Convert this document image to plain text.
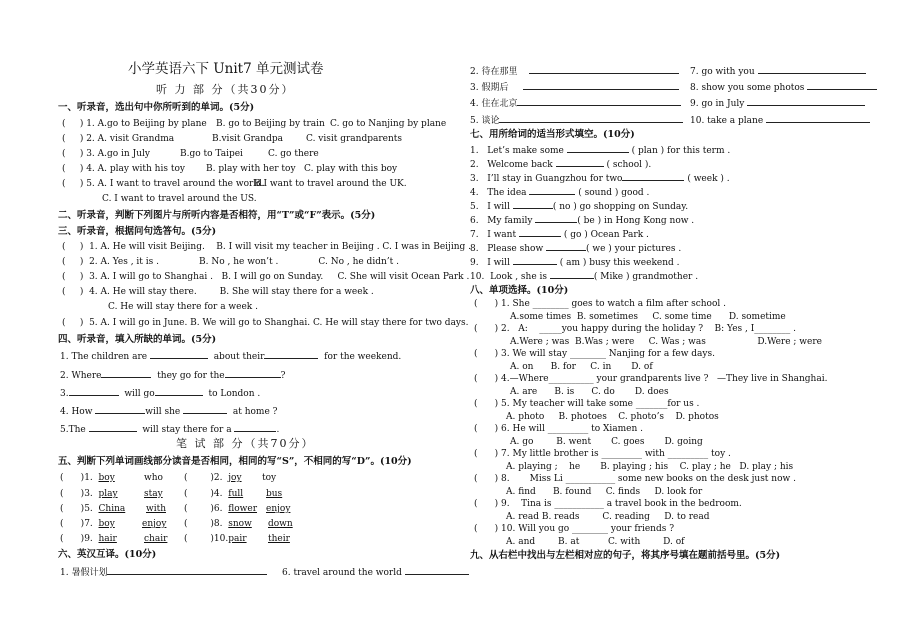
小学英语六下 Unit7 单元测试卷
听 力 部 分（共30分）
一、听录音，选出句中你所听到的单词。(5分)
(     ) 1. A.go to Beijing by plane B. go to Beijing by train C. go to Nanjing by plane
(     ) 2. A. visit Grandma	B.visit Grandpa	C. visit grandparents
(     ) 3. A.go in July	B.go to Taipei	C. go there
(     ) 4. A. play with his toy B. play with her toy C. play with this boy
(     ) 5. A. I want to travel around the world.
B.I want to travel around the UK.
C. I want to travel around the US.
二、听录音，判断下列图片与所听内容是否相符，用“T”或“F”表示。(5分)
三、听录音，根据问句选答句。(5分)
(     )  1. A. He will visit Beijing.    B. I will visit my teacher in Beijing . C. I was in Beijing .
(     )  2. A. Yes , it is .              B. No , he won’t .              C. No , he didn’t .
(     )  3. A. I will go to Shanghai .   B. I will go on Sunday.     C. She will visit Ocean Park .
(     )  4. A. He will stay there.        B. She will stay there for a week .
C. He will stay there for a week .
(     )  5. A. I will go in June. B. We will go to Shanghai. C. He will stay there for two days.
四、听录音，填入所缺的单词。(5分)
1. The children are	about their	for the weekend.
2. Where	they go for the	?
3.	will go	to London .
4. How	will she	at home ?
5.The	will stay there for a	.
笔 试 部 分（共70分）
五、判断下列单词画线部分读音是否相同，相同的写“S”，不相同的写“D”。(10分)
(      )1. boy	who (        )2. joy toy
(      )3. play	stay (        )4. full	bus
(      )5. China with (        )6. flower enjoy
(      )7. boy	enjoy (        )8. snow down
(      )9. hair	chair (        )10.pair their
六、英汉互译。(10分)
1. 暑假计划	6. travel around the world
2. 待在那里	7. go with you
3. 假期后	8. show you some photos
4. 住在北京	9. go in July
5. 谈论	10. take a plane
七、用所给词的适当形式填空。(10分)
1. Let’s make some	( plan ) for this term .
2. Welcome back	( school ).
3. I’ll stay in Guangzhou for two	( week ) .
4. The idea	( sound ) good .
5. I will	( no ) go shopping on Sunday.
6. My family	( be ) in Hong Kong now .
7. I want	( go ) Ocean Park .
8. Please show	( we ) your pictures .
9. I will	( am ) busy this weekend .
10. Look , she is	( Mike ) grandmother .
八、单项选择。(10分)
(      ) 1. She ________ goes to watch a film after school .
A.some times  B. sometimes     C. some time      D. sometime
(      ) 2.   A:    _____you happy during the holiday ?    B: Yes , I________ .
A.Were ; was  B.Was ; were     C. Was ; was                  D.Were ; were
(      ) 3. We will stay ________ Nanjing for a few days.
A. on      B. for     C. in       D. of
(      ) 4.—Where__________ your grandparents live ?   —They live in Shanghai.
A. are      B. is      C. do       D. does
(      ) 5. My teacher will take some _______for us .
A. photo     B. photoes    C. photo’s    D. photos
(      ) 6. He will _________ to Xiamen .
A. go        B. went       C. goes       D. going
(      ) 7. My little brother is _________ with _________ toy .
A. playing ;    he       B. playing ; his    C. play ; he   D. play ; his
(      ) 8.       Miss Li ___________ some new books on the desk just now .
A. find      B. found     C. finds     D. look for
(      ) 9.    Tina is ___________ a travel book in the bedroom.
A. read B. reads        C. reading     D. to read
(      ) 10. Will you go ________ your friends ?
A. and        B. at          C. with        D. of
九、从右栏中找出与左栏相对应的句子，将其序号填在题前括号里。(5分)
